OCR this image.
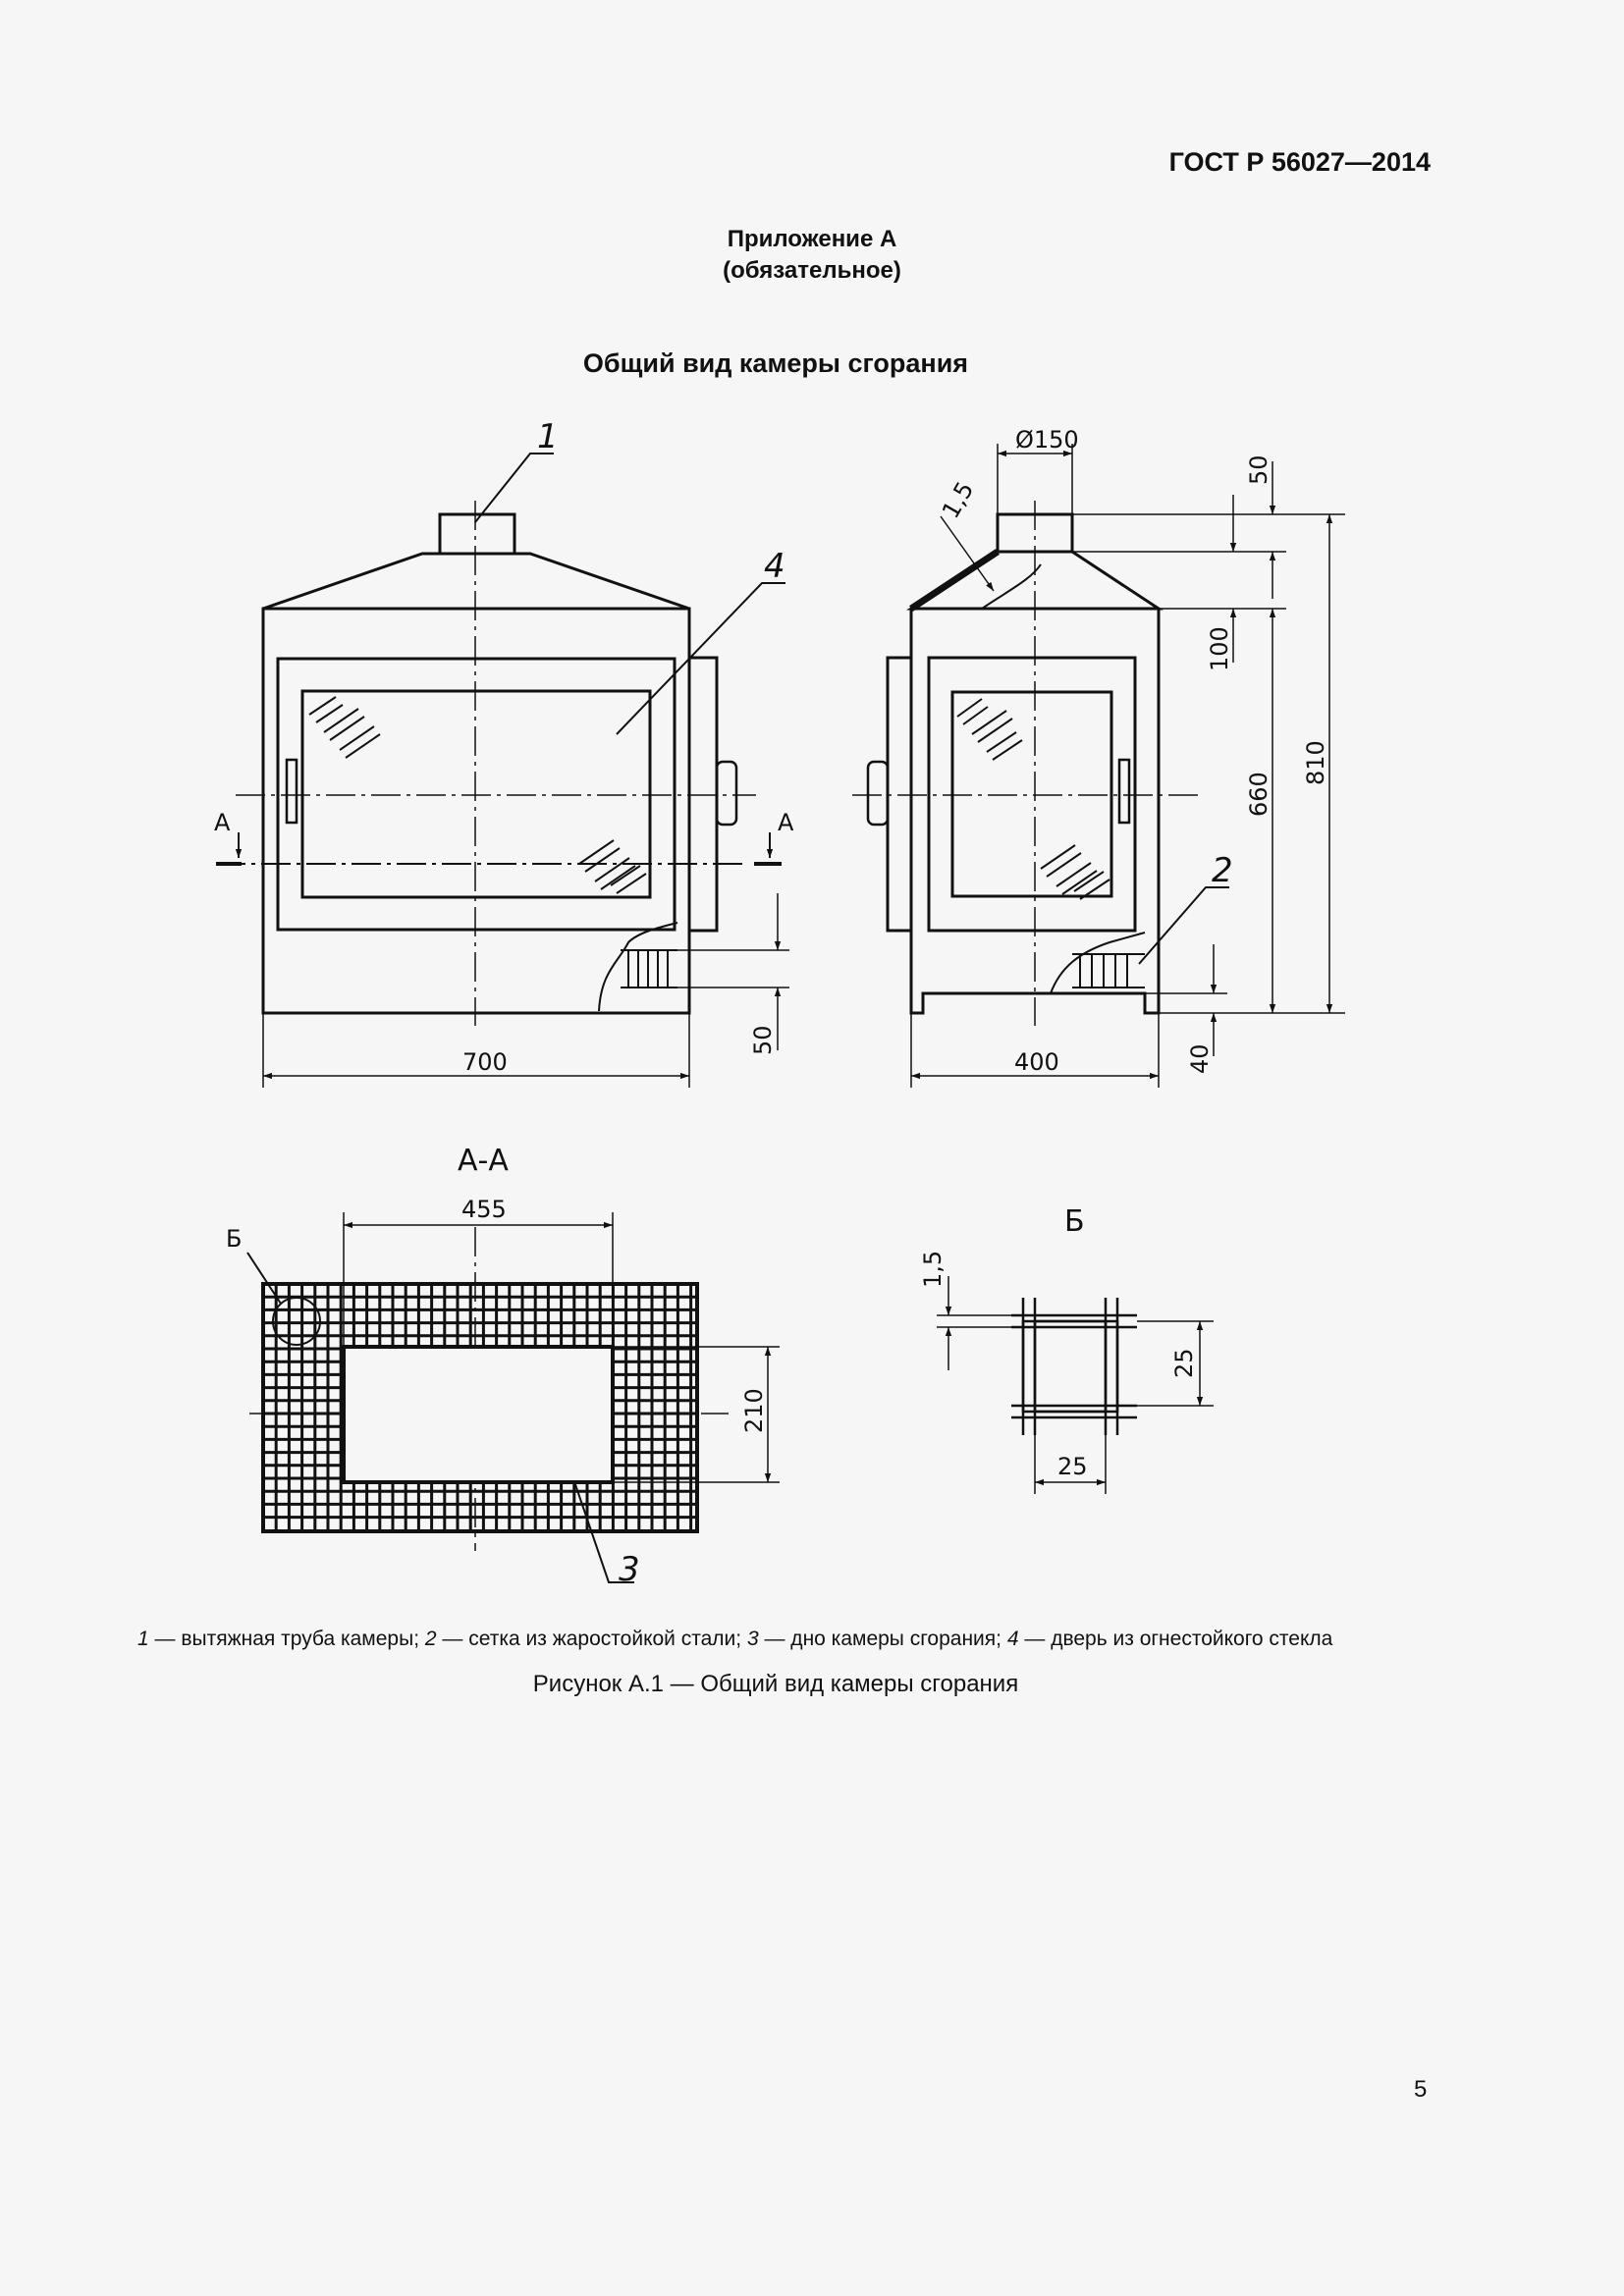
ГОСТ Р 56027—2014
Приложение А
(обязательное)
Общий вид камеры сгорания
А	А
1
4
2
3
700
50
Ø150
400	40
1,5
50
100
660
810
А-А
455
210
Б	Б
1,5
25
25
1 — вытяжная труба камеры; 2 — сетка из жаростойкой стали; 3 — дно камеры сгорания; 4 — дверь из огнестойкого стекла
Рисунок А.1 — Общий вид камеры сгорания
5
